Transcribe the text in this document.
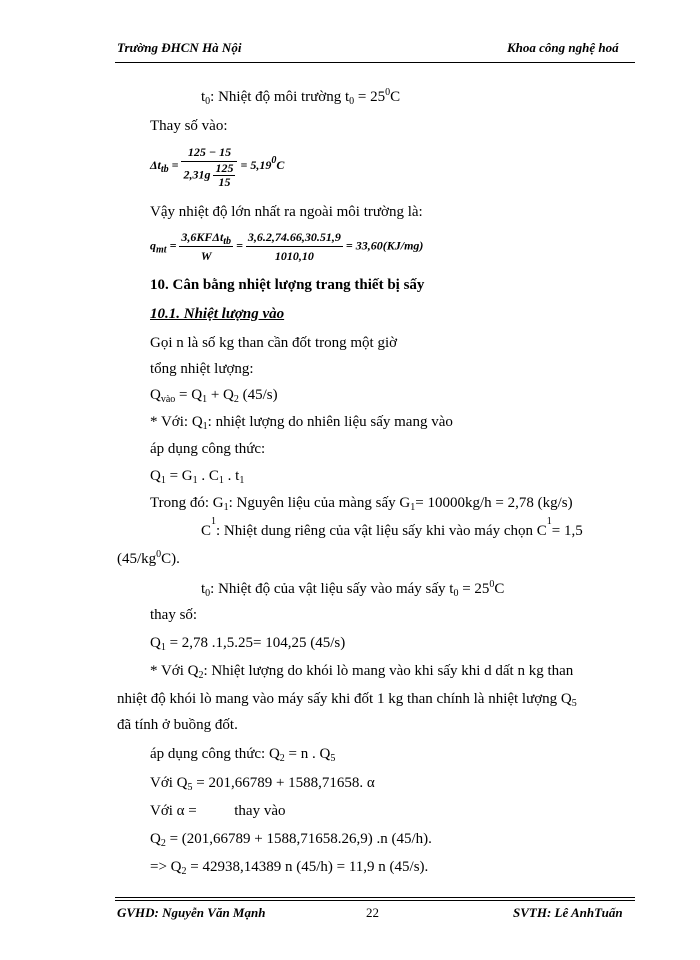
Trường ĐHCN Hà Nội	Khoa công nghệ hoá
$t_0$: Nhiệt độ môi trường $t_0 = 25^0C$
Thay số vào:
$\Delta t_{tb} = \frac{125 - 15}{2,31g \frac{125}{15}} = 5,19^0C$
Vậy nhiệt độ lớn nhất ra ngoài môi trường là:
$q_{mt} = \frac{3,6KF\Delta t_{tb}}{W} = \frac{3,6.2,74.66,30.51,9}{1010,10} = 33,60(KJ/mg)$
10. Cân bằng nhiệt lượng trang thiết bị sấy
10.1. Nhiệt lượng vào
Gọi n là số kg than cần đốt trong một giờ
tổng nhiệt lượng:
$Q_{vào} = Q_1 + Q_2$ (45/s)
* Với: $Q_1$: nhiệt lượng do nhiên liệu sấy mang vào
áp dụng công thức:
$Q_1 = G_1$ . $C_1$ . $t_1$
Trong đó: $G_1$: Nguyên liệu của màng sấy $G_1= 10000kg/h = 2,78$ (kg/s)
C
1
: Nhiệt dung riêng của vật liệu sấy khi vào máy chọn C
1
= 1,5
$(45/kg^0C)$.
$t_0$: Nhiệt độ của vật liệu sấy vào máy sấy $t_0 = 25^0C$
thay số:
$Q_1 = 2,78$ .1,5.25= 104,25 (45/s)
* Với $Q_2$: Nhiệt lượng do khói lò mang vào khi sấy khi d dất n kg than
nhiệt độ khói lò mang vào máy sấy khi đốt 1 kg than chính là nhiệt lượng $Q_5$
đã tính ở buồng đốt.
áp dụng công thức: $Q_2 = n$ . $Q_5$
Với $Q_5 = 201,66789 + 1588,71658$. α
Với α =          thay vào
$Q_2 = (201,66789 + 1588,71658.26,9)$ .n (45/h).
=> $Q_2 = 42938,14389$ n (45/h) = 11,9 n (45/s).
GVHD: Nguyễn Văn Mạnh	22	SVTH: Lê AnhTuấn
